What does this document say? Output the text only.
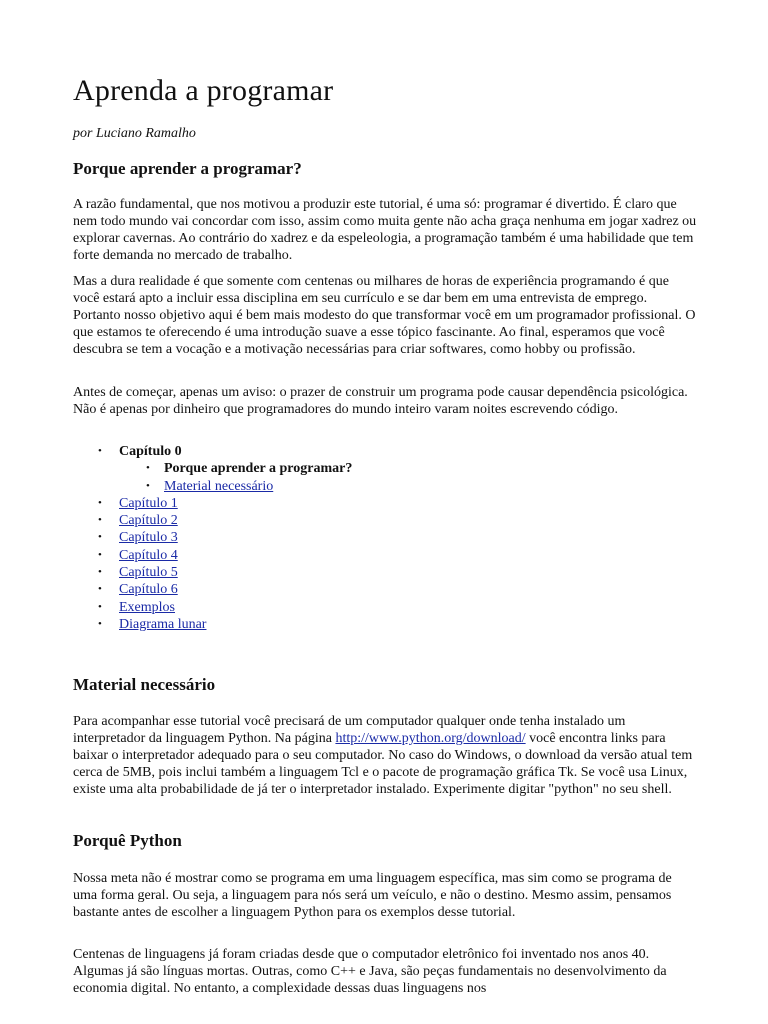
Aprenda a programar

por Luciano Ramalho

Porque aprender a programar?

A razão fundamental, que nos motivou a produzir este tutorial, é uma só: programar é divertido. É claro que nem todo mundo vai concordar com isso, assim como muita gente não acha graça nenhuma em jogar xadrez ou explorar cavernas. Ao contrário do xadrez e da espeleologia, a programação também é uma habilidade que tem forte demanda no mercado de trabalho.

Mas a dura realidade é que somente com centenas ou milhares de horas de experiência programando é que você estará apto a incluir essa disciplina em seu currículo e se dar bem em uma entrevista de emprego. Portanto nosso objetivo aqui é bem mais modesto do que transformar você em um programador profissional. O que estamos te oferecendo é uma introdução suave a esse tópico fascinante. Ao final, esperamos que você descubra se tem a vocação e a motivação necessárias para criar softwares, como hobby ou profissão.

Antes de começar, apenas um aviso: o prazer de construir um programa pode causar dependência psicológica. Não é apenas por dinheiro que programadores do mundo inteiro varam noites escrevendo código.

• Capítulo 0
• Porque aprender a programar?
• Material necessário
• Capítulo 1
• Capítulo 2
• Capítulo 3
• Capítulo 4
• Capítulo 5
• Capítulo 6
• Exemplos
• Diagrama lunar
Material necessário

Para acompanhar esse tutorial você precisará de um computador qualquer onde tenha instalado um interpretador da linguagem Python. Na página http://www.python.org/download/ você encontra links para baixar o interpretador adequado para o seu computador. No caso do Windows, o download da versão atual tem cerca de 5MB, pois inclui também a linguagem Tcl e o pacote de programação gráfica Tk. Se você usa Linux, existe uma alta probabilidade de já ter o interpretador instalado. Experimente digitar "python" no seu shell.

Porquê Python

Nossa meta não é mostrar como se programa em uma linguagem específica, mas sim como se programa de uma forma geral. Ou seja, a linguagem para nós será um veículo, e não o destino. Mesmo assim, pensamos bastante antes de escolher a linguagem Python para os exemplos desse tutorial.

Centenas de linguagens já foram criadas desde que o computador eletrônico foi inventado nos anos 40. Algumas já são línguas mortas. Outras, como C++ e Java, são peças fundamentais no desenvolvimento da economia digital. No entanto, a complexidade dessas duas linguagens nos
